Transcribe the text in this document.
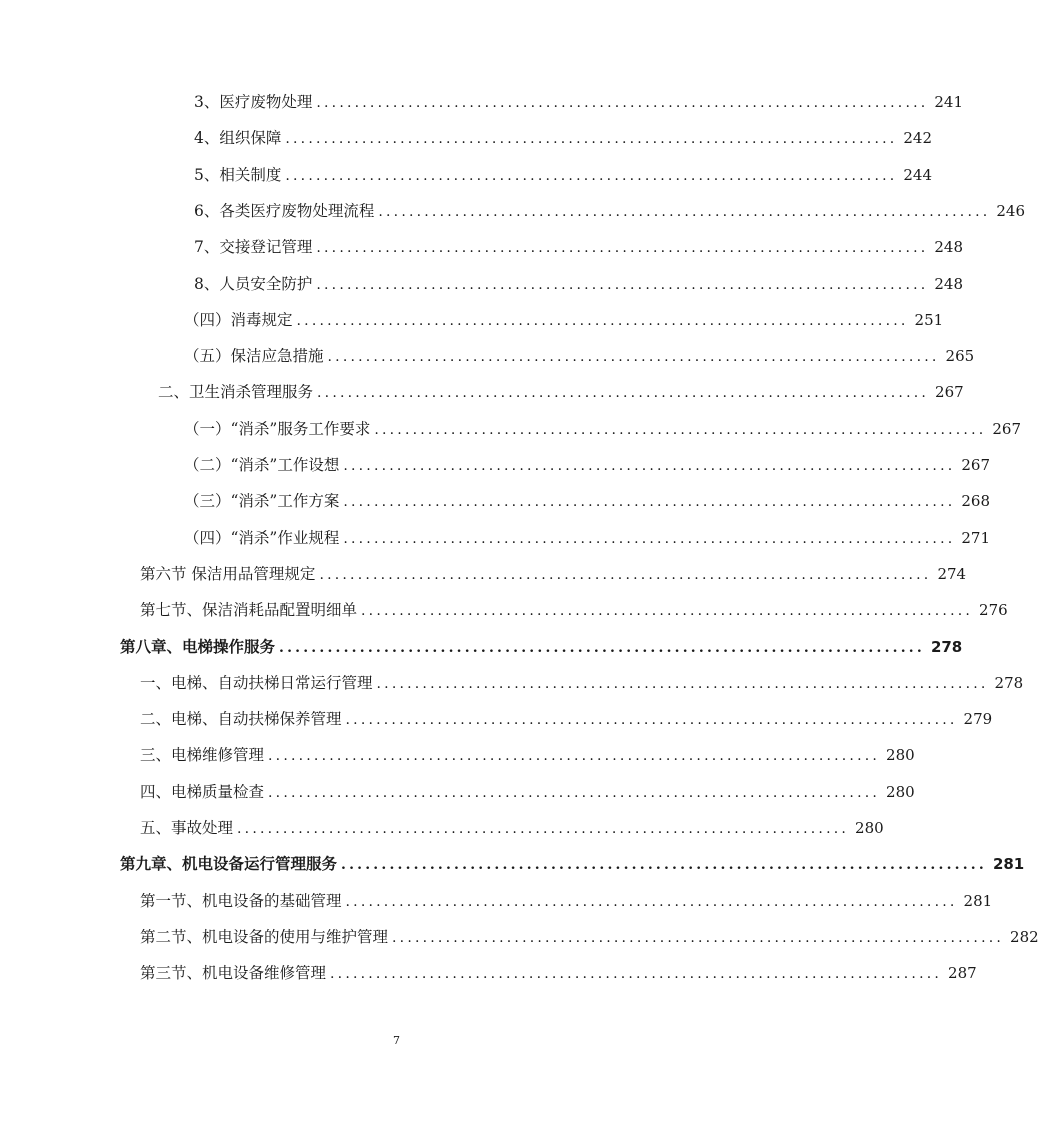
3、医疗废物处理 ................................................................................ 241
4、组织保障 ................................................................................ 242
5、相关制度 ................................................................................ 244
6、各类医疗废物处理流程 ................................................................................ 246
7、交接登记管理 ................................................................................ 248
8、人员安全防护 ................................................................................ 248
（四）消毒规定 ................................................................................ 251
（五）保洁应急措施 ................................................................................ 265
二、卫生消杀管理服务 ................................................................................ 267
（一）“消杀”服务工作要求 ................................................................................ 267
（二）“消杀”工作设想 ................................................................................ 267
（三）“消杀”工作方案 ................................................................................ 268
（四）“消杀”作业规程 ................................................................................ 271
第六节 保洁用品管理规定 ................................................................................ 274
第七节、保洁消耗品配置明细单 ................................................................................ 276
第八章、电梯操作服务 ................................................................................ 278
一、电梯、自动扶梯日常运行管理 ................................................................................ 278
二、电梯、自动扶梯保养管理 ................................................................................ 279
三、电梯维修管理 ................................................................................ 280
四、电梯质量检查 ................................................................................ 280
五、事故处理 ................................................................................ 280
第九章、机电设备运行管理服务 ................................................................................ 281
第一节、机电设备的基础管理 ................................................................................ 281
第二节、机电设备的使用与维护管理 ................................................................................ 282
第三节、机电设备维修管理 ................................................................................ 287
7
